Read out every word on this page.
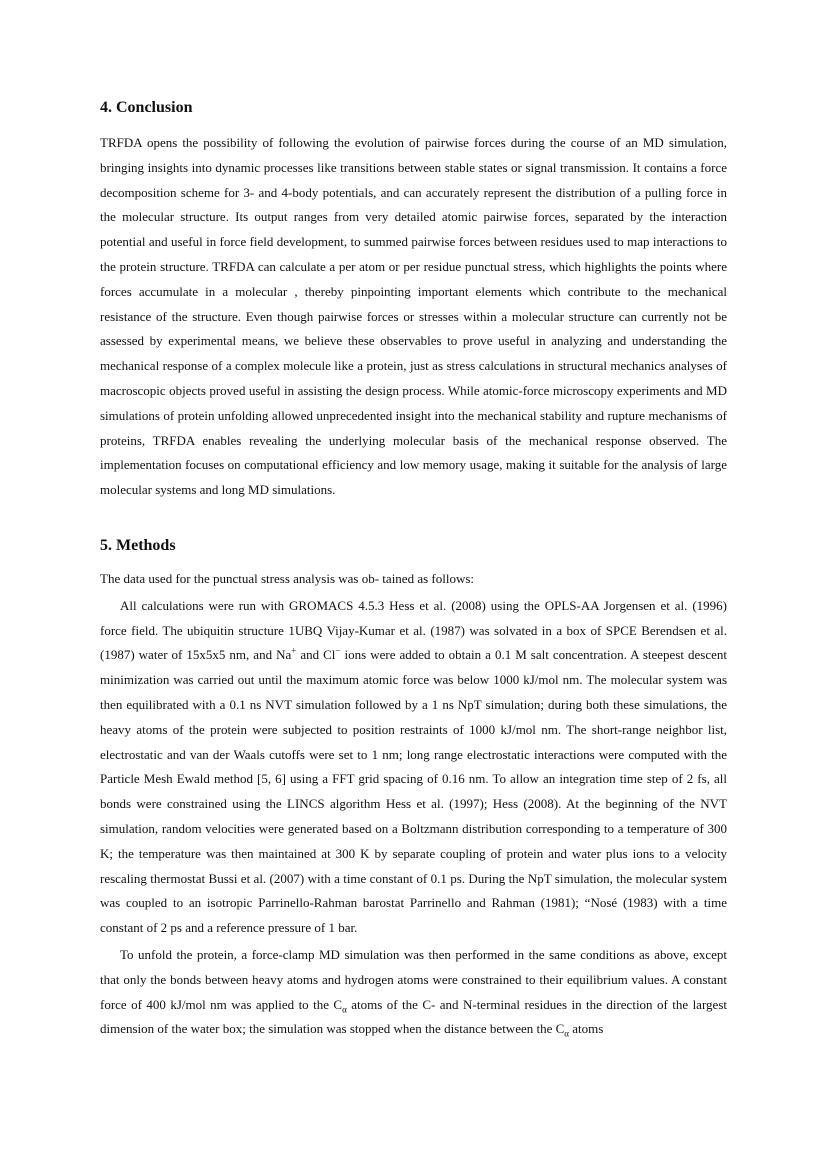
4. Conclusion

TRFDA opens the possibility of following the evolution of pairwise forces during the course of an MD simulation, bringing insights into dynamic processes like transitions between stable states or signal transmission. It contains a force decomposition scheme for 3- and 4-body potentials, and can accurately represent the distribution of a pulling force in the molecular structure. Its output ranges from very detailed atomic pairwise forces, separated by the interaction potential and useful in force field development, to summed pairwise forces between residues used to map interactions to the protein structure. TRFDA can calculate a per atom or per residue punctual stress, which highlights the points where forces accumulate in a molecular , thereby pinpointing important elements which contribute to the mechanical resistance of the structure. Even though pairwise forces or stresses within a molecular structure can currently not be assessed by experimental means, we believe these observables to prove useful in analyzing and understanding the mechanical response of a complex molecule like a protein, just as stress calculations in structural mechanics analyses of macroscopic objects proved useful in assisting the design process. While atomic-force microscopy experiments and MD simulations of protein unfolding allowed unprecedented insight into the mechanical stability and rupture mechanisms of proteins, TRFDA enables revealing the underlying molecular basis of the mechanical response observed. The implementation focuses on computational efficiency and low memory usage, making it suitable for the analysis of large molecular systems and long MD simulations.

5. Methods

The data used for the punctual stress analysis was ob- tained as follows:

All calculations were run with GROMACS 4.5.3 Hess et al. (2008) using the OPLS-AA Jorgensen et al. (1996) force field. The ubiquitin structure 1UBQ Vijay-Kumar et al. (1987) was solvated in a box of SPCE Berendsen et al. (1987) water of 15x5x5 nm, and Na+ and Cl− ions were added to obtain a 0.1 M salt concentration. A steepest descent minimization was carried out until the maximum atomic force was below 1000 kJ/mol nm. The molecular system was then equilibrated with a 0.1 ns NVT simulation followed by a 1 ns NpT simulation; during both these simulations, the heavy atoms of the protein were subjected to position restraints of 1000 kJ/mol nm. The short-range neighbor list, electrostatic and van der Waals cutoffs were set to 1 nm; long range electrostatic interactions were computed with the Particle Mesh Ewald method [5, 6] using a FFT grid spacing of 0.16 nm. To allow an integration time step of 2 fs, all bonds were constrained using the LINCS algorithm Hess et al. (1997); Hess (2008). At the beginning of the NVT simulation, random velocities were generated based on a Boltzmann distribution corresponding to a temperature of 300 K; the temperature was then maintained at 300 K by separate coupling of protein and water plus ions to a velocity rescaling thermostat Bussi et al. (2007) with a time constant of 0.1 ps. During the NpT simulation, the molecular system was coupled to an isotropic Parrinello-Rahman barostat Parrinello and Rahman (1981); “Nosé (1983) with a time constant of 2 ps and a reference pressure of 1 bar.

To unfold the protein, a force-clamp MD simulation was then performed in the same conditions as above, except that only the bonds between heavy atoms and hydrogen atoms were constrained to their equilibrium values. A constant force of 400 kJ/mol nm was applied to the $C_\alpha$ atoms of the C- and N-terminal residues in the direction of the largest dimension of the water box; the simulation was stopped when the distance between the $C_\alpha$ atoms
